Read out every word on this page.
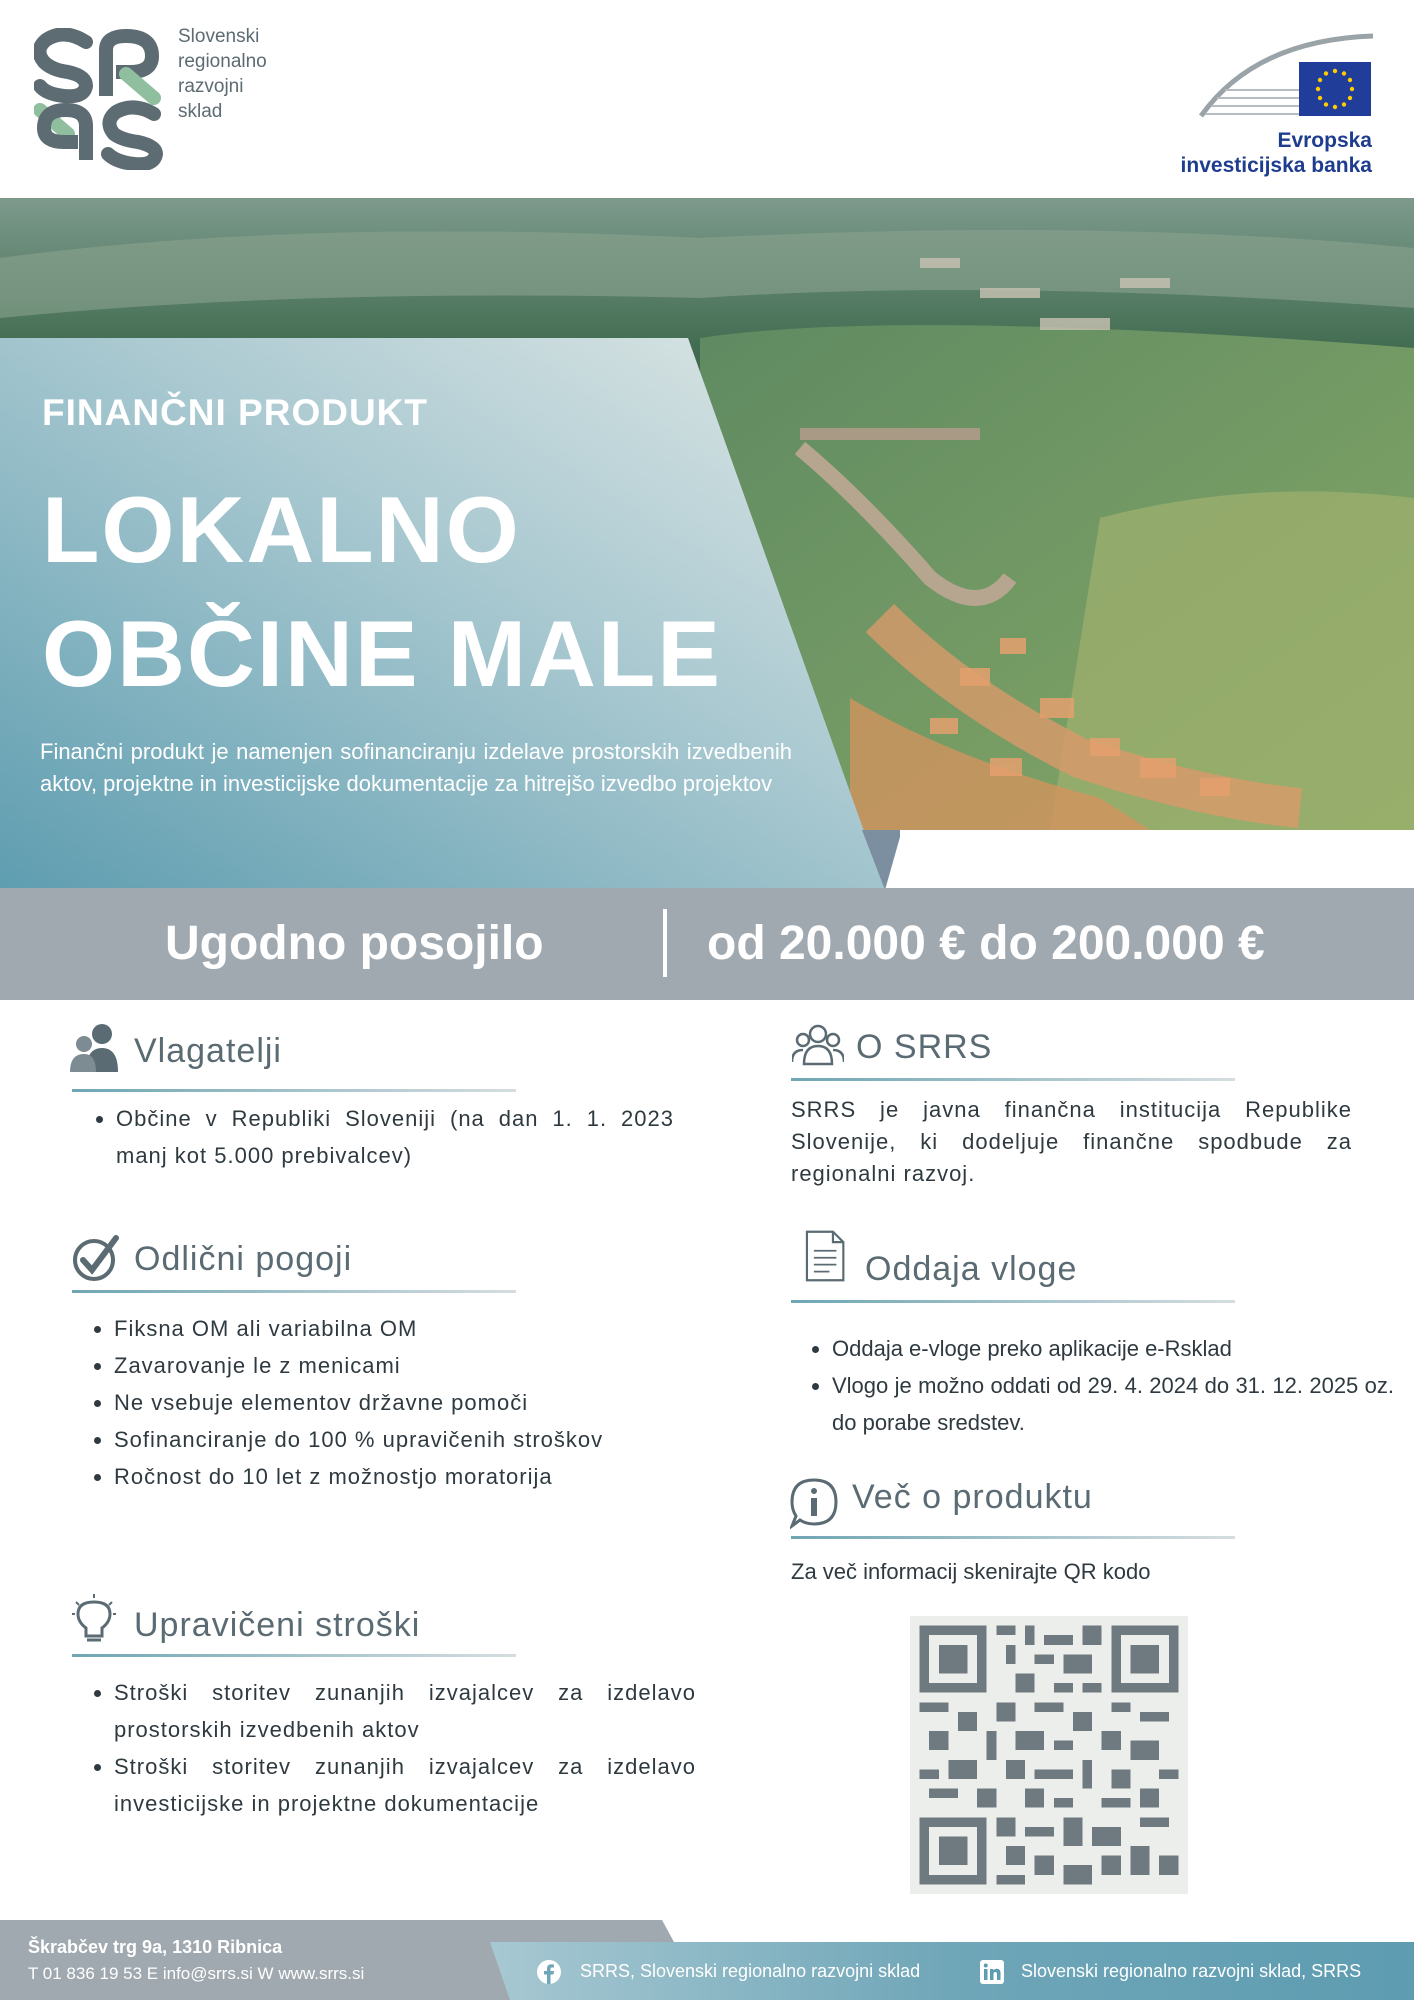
Slovenski
regionalno
razvojni
sklad
Evropska
investicijska banka
FINANČNI PRODUKT
LOKALNO
OBČINE MALE
Finančni produkt je namenjen sofinanciranju izdelave prostorskih izvedbenih aktov, projektne in investicijske dokumentacije za hitrejšo izvedbo projektov
Ugodno posojilo	od 20.000 € do 200.000 €
Vlagatelji
• Občine v Republiki Sloveniji (na dan 1. 1. 2023 manj kot 5.000 prebivalcev)
Odlični pogoji
• Fiksna OM ali variabilna OM
• Zavarovanje le z menicami
• Ne vsebuje elementov državne pomoči
• Sofinanciranje do 100 % upravičenih stroškov
• Ročnost do 10 let z možnostjo moratorija
Upravičeni stroški
• Stroški storitev zunanjih izvajalcev za izdelavo prostorskih izvedbenih aktov
• Stroški storitev zunanjih izvajalcev za izdelavo investicijske in projektne dokumentacije
O SRRS
SRRS je javna finančna institucija Republike Slovenije, ki dodeljuje finančne spodbude za regionalni razvoj.
Oddaja vloge
• Oddaja e-vloge preko aplikacije e-Rsklad
• Vlogo je možno oddati od 29. 4. 2024 do 31. 12. 2025 oz. do porabe sredstev.
Več o produktu
Za več informacij skenirajte QR kodo
Škrabčev trg 9a, 1310 Ribnica
T 01 836 19 53 E info@srrs.si W www.srrs.si	SRRS, Slovenski regionalno razvojni sklad	Slovenski regionalno razvojni sklad, SRRS
